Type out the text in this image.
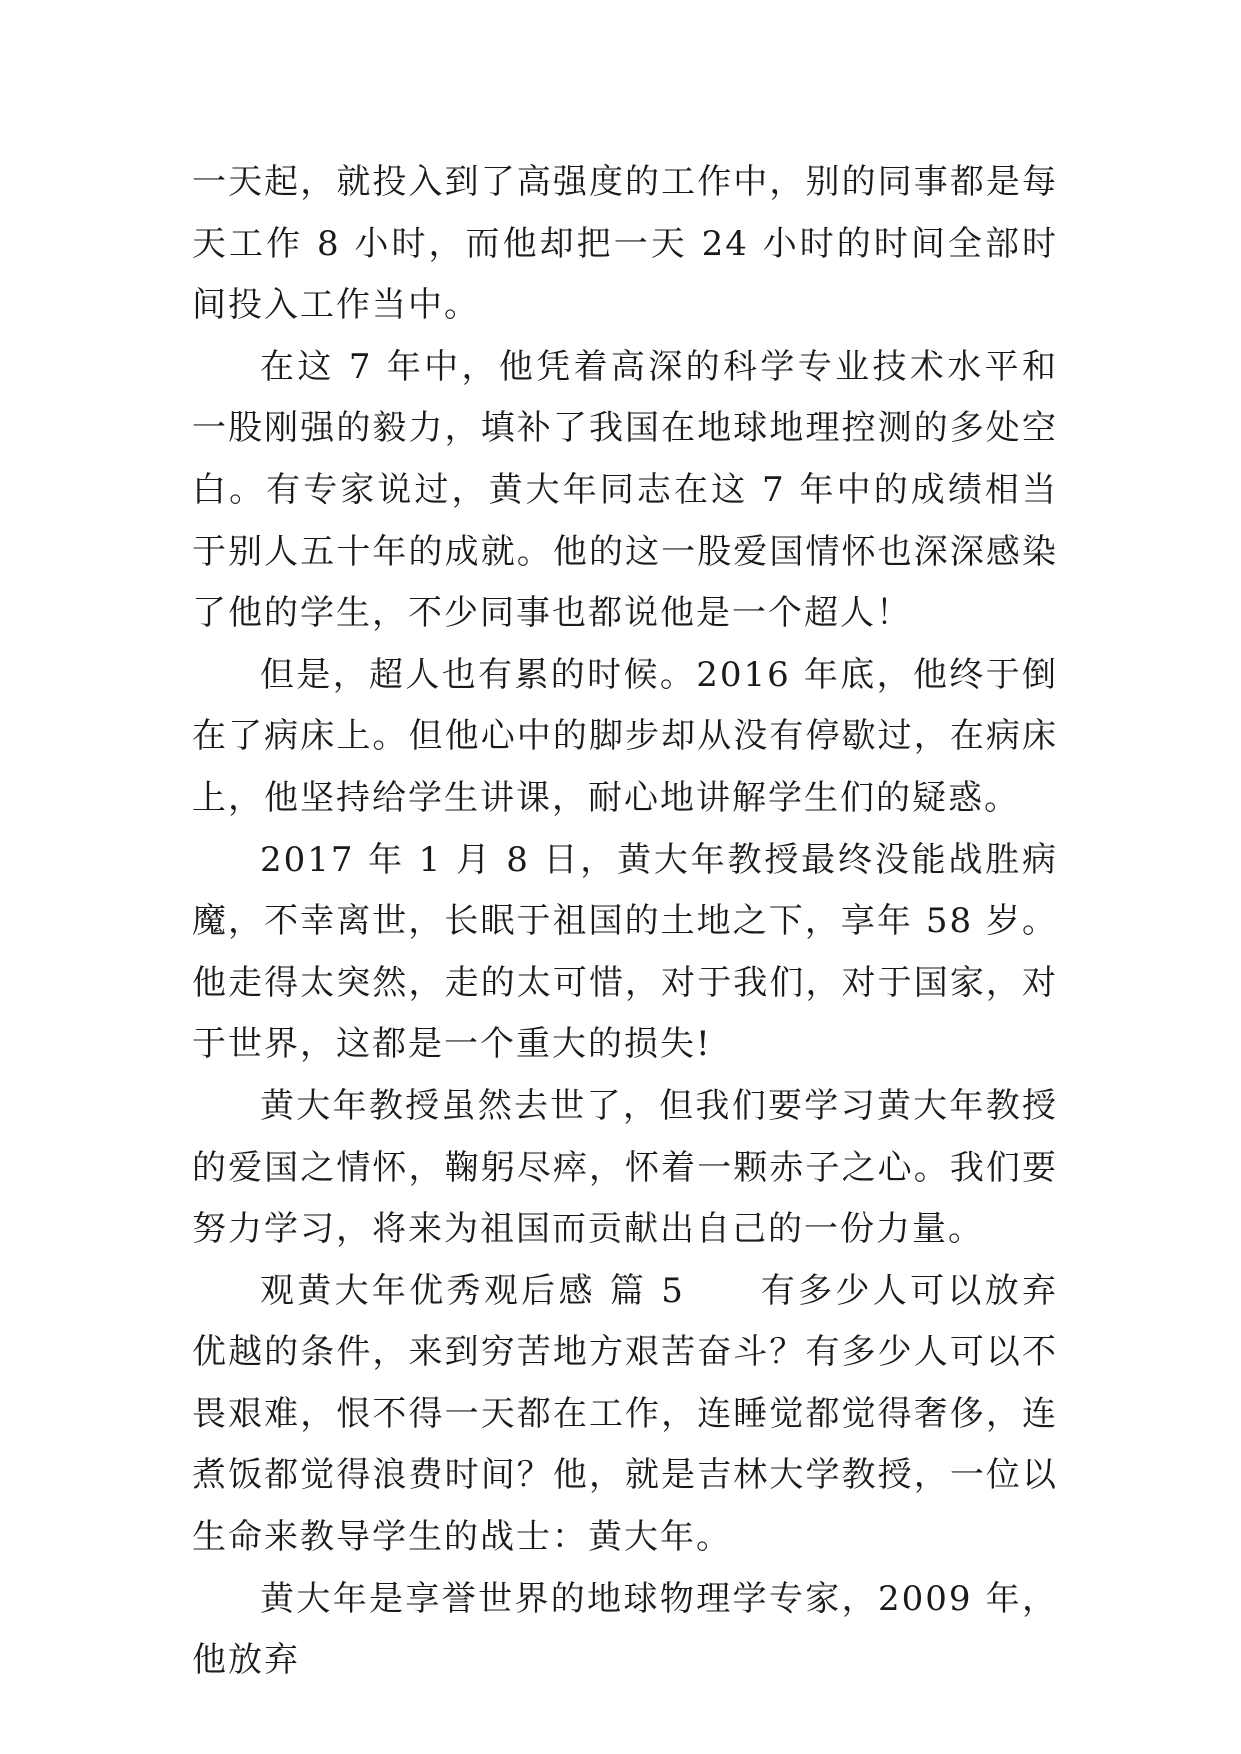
一天起，就投入到了高强度的工作中，别的同事都是每天工作 8 小时，而他却把一天 24 小时的时间全部时间投入工作当中。

在这 7 年中，他凭着高深的科学专业技术水平和一股刚强的毅力，填补了我国在地球地理控测的多处空白。有专家说过，黄大年同志在这 7 年中的成绩相当于别人五十年的成就。他的这一股爱国情怀也深深感染了他的学生，不少同事也都说他是一个超人！

但是，超人也有累的时候。2016 年底，他终于倒在了病床上。但他心中的脚步却从没有停歇过，在病床上，他坚持给学生讲课，耐心地讲解学生们的疑惑。

2017 年 1 月 8 日，黄大年教授最终没能战胜病魔，不幸离世，长眠于祖国的土地之下，享年 58 岁。他走得太突然，走的太可惜，对于我们，对于国家，对于世界，这都是一个重大的损失!

黄大年教授虽然去世了，但我们要学习黄大年教授的爱国之情怀，鞠躬尽瘁，怀着一颗赤子之心。我们要努力学习，将来为祖国而贡献出自己的一份力量。

观黄大年优秀观后感 篇 5　　有多少人可以放弃优越的条件，来到穷苦地方艰苦奋斗？有多少人可以不畏艰难，恨不得一天都在工作，连睡觉都觉得奢侈，连煮饭都觉得浪费时间？他，就是吉林大学教授，一位以生命来教导学生的战士：黄大年。

黄大年是享誉世界的地球物理学专家，2009 年，他放弃
